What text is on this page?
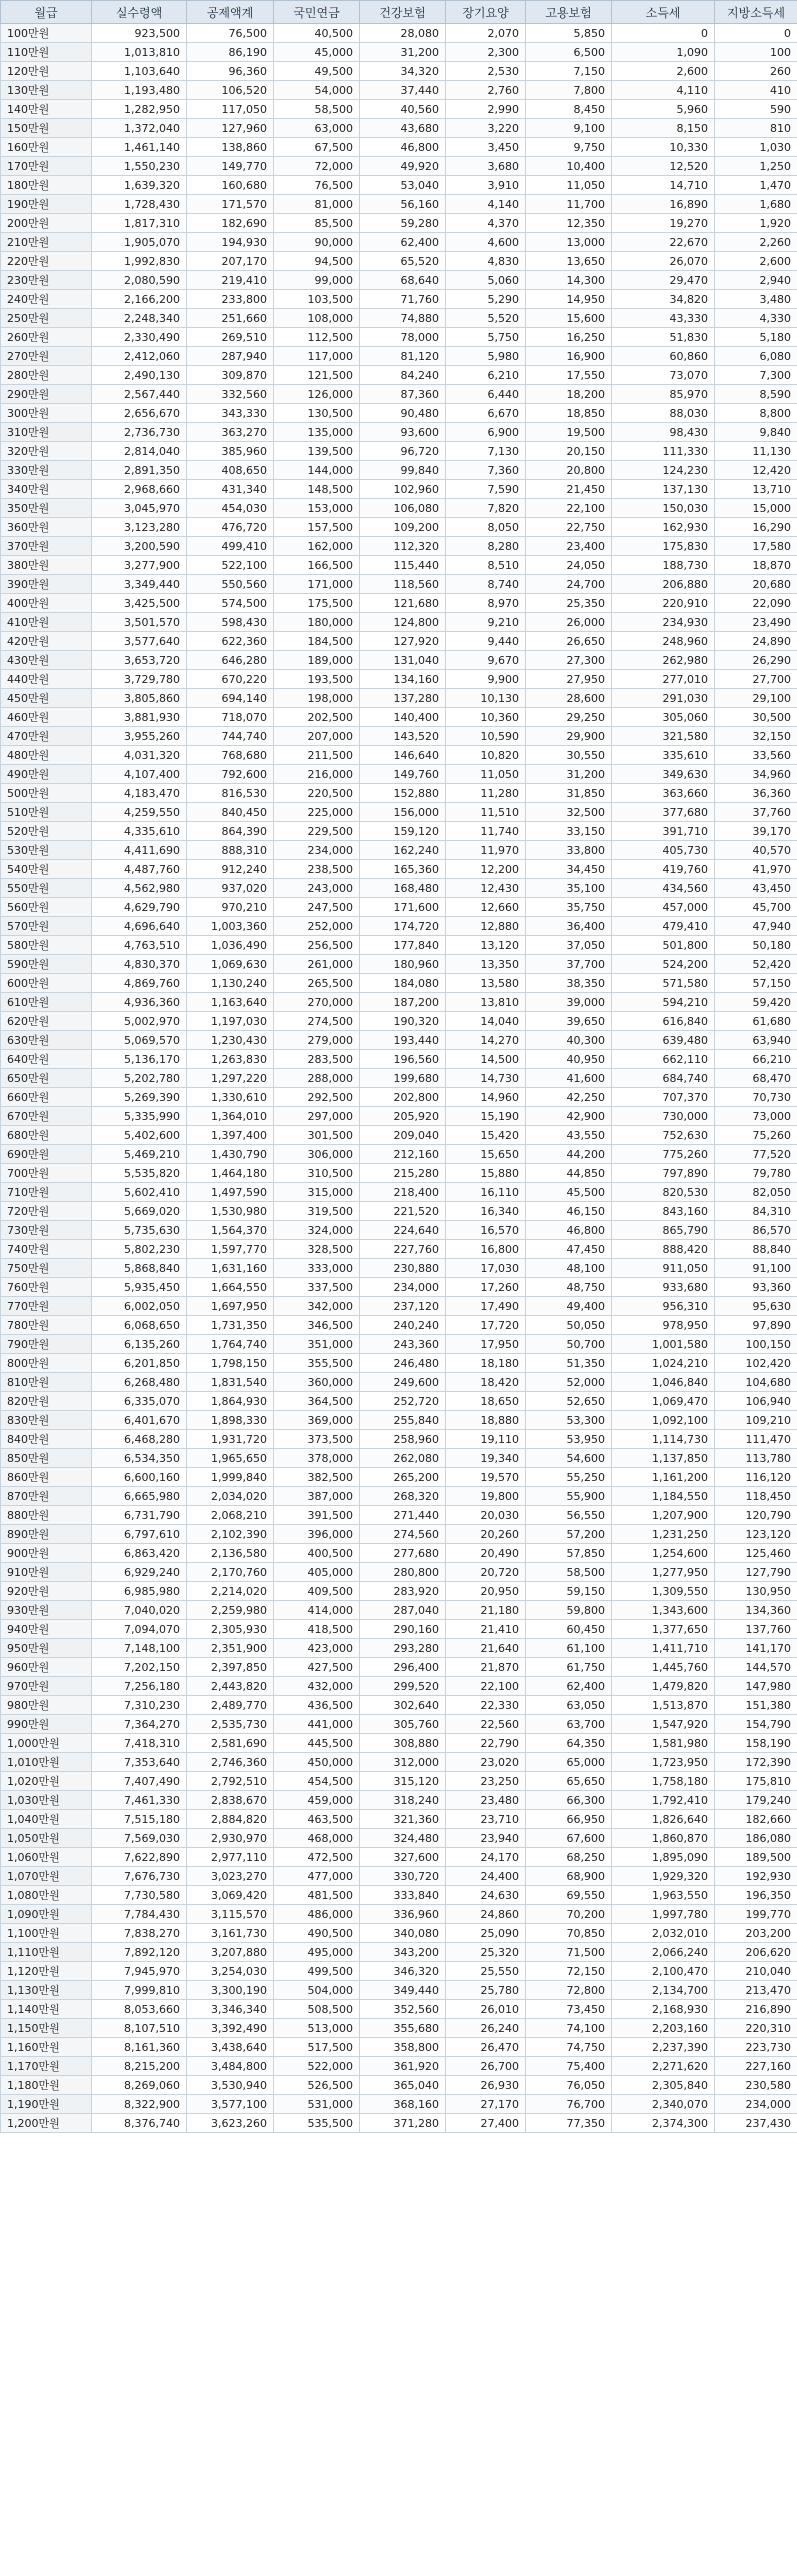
월급	실수령액	공제액계	국민연금	건강보험	장기요양	고용보험	소득세	지방소득세
100만원	923,500	76,500	40,500	28,080	2,070	5,850	0	0
110만원	1,013,810	86,190	45,000	31,200	2,300	6,500	1,090	100
120만원	1,103,640	96,360	49,500	34,320	2,530	7,150	2,600	260
130만원	1,193,480	106,520	54,000	37,440	2,760	7,800	4,110	410
140만원	1,282,950	117,050	58,500	40,560	2,990	8,450	5,960	590
150만원	1,372,040	127,960	63,000	43,680	3,220	9,100	8,150	810
160만원	1,461,140	138,860	67,500	46,800	3,450	9,750	10,330	1,030
170만원	1,550,230	149,770	72,000	49,920	3,680	10,400	12,520	1,250
180만원	1,639,320	160,680	76,500	53,040	3,910	11,050	14,710	1,470
190만원	1,728,430	171,570	81,000	56,160	4,140	11,700	16,890	1,680
200만원	1,817,310	182,690	85,500	59,280	4,370	12,350	19,270	1,920
210만원	1,905,070	194,930	90,000	62,400	4,600	13,000	22,670	2,260
220만원	1,992,830	207,170	94,500	65,520	4,830	13,650	26,070	2,600
230만원	2,080,590	219,410	99,000	68,640	5,060	14,300	29,470	2,940
240만원	2,166,200	233,800	103,500	71,760	5,290	14,950	34,820	3,480
250만원	2,248,340	251,660	108,000	74,880	5,520	15,600	43,330	4,330
260만원	2,330,490	269,510	112,500	78,000	5,750	16,250	51,830	5,180
270만원	2,412,060	287,940	117,000	81,120	5,980	16,900	60,860	6,080
280만원	2,490,130	309,870	121,500	84,240	6,210	17,550	73,070	7,300
290만원	2,567,440	332,560	126,000	87,360	6,440	18,200	85,970	8,590
300만원	2,656,670	343,330	130,500	90,480	6,670	18,850	88,030	8,800
310만원	2,736,730	363,270	135,000	93,600	6,900	19,500	98,430	9,840
320만원	2,814,040	385,960	139,500	96,720	7,130	20,150	111,330	11,130
330만원	2,891,350	408,650	144,000	99,840	7,360	20,800	124,230	12,420
340만원	2,968,660	431,340	148,500	102,960	7,590	21,450	137,130	13,710
350만원	3,045,970	454,030	153,000	106,080	7,820	22,100	150,030	15,000
360만원	3,123,280	476,720	157,500	109,200	8,050	22,750	162,930	16,290
370만원	3,200,590	499,410	162,000	112,320	8,280	23,400	175,830	17,580
380만원	3,277,900	522,100	166,500	115,440	8,510	24,050	188,730	18,870
390만원	3,349,440	550,560	171,000	118,560	8,740	24,700	206,880	20,680
400만원	3,425,500	574,500	175,500	121,680	8,970	25,350	220,910	22,090
410만원	3,501,570	598,430	180,000	124,800	9,210	26,000	234,930	23,490
420만원	3,577,640	622,360	184,500	127,920	9,440	26,650	248,960	24,890
430만원	3,653,720	646,280	189,000	131,040	9,670	27,300	262,980	26,290
440만원	3,729,780	670,220	193,500	134,160	9,900	27,950	277,010	27,700
450만원	3,805,860	694,140	198,000	137,280	10,130	28,600	291,030	29,100
460만원	3,881,930	718,070	202,500	140,400	10,360	29,250	305,060	30,500
470만원	3,955,260	744,740	207,000	143,520	10,590	29,900	321,580	32,150
480만원	4,031,320	768,680	211,500	146,640	10,820	30,550	335,610	33,560
490만원	4,107,400	792,600	216,000	149,760	11,050	31,200	349,630	34,960
500만원	4,183,470	816,530	220,500	152,880	11,280	31,850	363,660	36,360
510만원	4,259,550	840,450	225,000	156,000	11,510	32,500	377,680	37,760
520만원	4,335,610	864,390	229,500	159,120	11,740	33,150	391,710	39,170
530만원	4,411,690	888,310	234,000	162,240	11,970	33,800	405,730	40,570
540만원	4,487,760	912,240	238,500	165,360	12,200	34,450	419,760	41,970
550만원	4,562,980	937,020	243,000	168,480	12,430	35,100	434,560	43,450
560만원	4,629,790	970,210	247,500	171,600	12,660	35,750	457,000	45,700
570만원	4,696,640	1,003,360	252,000	174,720	12,880	36,400	479,410	47,940
580만원	4,763,510	1,036,490	256,500	177,840	13,120	37,050	501,800	50,180
590만원	4,830,370	1,069,630	261,000	180,960	13,350	37,700	524,200	52,420
600만원	4,869,760	1,130,240	265,500	184,080	13,580	38,350	571,580	57,150
610만원	4,936,360	1,163,640	270,000	187,200	13,810	39,000	594,210	59,420
620만원	5,002,970	1,197,030	274,500	190,320	14,040	39,650	616,840	61,680
630만원	5,069,570	1,230,430	279,000	193,440	14,270	40,300	639,480	63,940
640만원	5,136,170	1,263,830	283,500	196,560	14,500	40,950	662,110	66,210
650만원	5,202,780	1,297,220	288,000	199,680	14,730	41,600	684,740	68,470
660만원	5,269,390	1,330,610	292,500	202,800	14,960	42,250	707,370	70,730
670만원	5,335,990	1,364,010	297,000	205,920	15,190	42,900	730,000	73,000
680만원	5,402,600	1,397,400	301,500	209,040	15,420	43,550	752,630	75,260
690만원	5,469,210	1,430,790	306,000	212,160	15,650	44,200	775,260	77,520
700만원	5,535,820	1,464,180	310,500	215,280	15,880	44,850	797,890	79,780
710만원	5,602,410	1,497,590	315,000	218,400	16,110	45,500	820,530	82,050
720만원	5,669,020	1,530,980	319,500	221,520	16,340	46,150	843,160	84,310
730만원	5,735,630	1,564,370	324,000	224,640	16,570	46,800	865,790	86,570
740만원	5,802,230	1,597,770	328,500	227,760	16,800	47,450	888,420	88,840
750만원	5,868,840	1,631,160	333,000	230,880	17,030	48,100	911,050	91,100
760만원	5,935,450	1,664,550	337,500	234,000	17,260	48,750	933,680	93,360
770만원	6,002,050	1,697,950	342,000	237,120	17,490	49,400	956,310	95,630
780만원	6,068,650	1,731,350	346,500	240,240	17,720	50,050	978,950	97,890
790만원	6,135,260	1,764,740	351,000	243,360	17,950	50,700	1,001,580	100,150
800만원	6,201,850	1,798,150	355,500	246,480	18,180	51,350	1,024,210	102,420
810만원	6,268,480	1,831,540	360,000	249,600	18,420	52,000	1,046,840	104,680
820만원	6,335,070	1,864,930	364,500	252,720	18,650	52,650	1,069,470	106,940
830만원	6,401,670	1,898,330	369,000	255,840	18,880	53,300	1,092,100	109,210
840만원	6,468,280	1,931,720	373,500	258,960	19,110	53,950	1,114,730	111,470
850만원	6,534,350	1,965,650	378,000	262,080	19,340	54,600	1,137,850	113,780
860만원	6,600,160	1,999,840	382,500	265,200	19,570	55,250	1,161,200	116,120
870만원	6,665,980	2,034,020	387,000	268,320	19,800	55,900	1,184,550	118,450
880만원	6,731,790	2,068,210	391,500	271,440	20,030	56,550	1,207,900	120,790
890만원	6,797,610	2,102,390	396,000	274,560	20,260	57,200	1,231,250	123,120
900만원	6,863,420	2,136,580	400,500	277,680	20,490	57,850	1,254,600	125,460
910만원	6,929,240	2,170,760	405,000	280,800	20,720	58,500	1,277,950	127,790
920만원	6,985,980	2,214,020	409,500	283,920	20,950	59,150	1,309,550	130,950
930만원	7,040,020	2,259,980	414,000	287,040	21,180	59,800	1,343,600	134,360
940만원	7,094,070	2,305,930	418,500	290,160	21,410	60,450	1,377,650	137,760
950만원	7,148,100	2,351,900	423,000	293,280	21,640	61,100	1,411,710	141,170
960만원	7,202,150	2,397,850	427,500	296,400	21,870	61,750	1,445,760	144,570
970만원	7,256,180	2,443,820	432,000	299,520	22,100	62,400	1,479,820	147,980
980만원	7,310,230	2,489,770	436,500	302,640	22,330	63,050	1,513,870	151,380
990만원	7,364,270	2,535,730	441,000	305,760	22,560	63,700	1,547,920	154,790
1,000만원	7,418,310	2,581,690	445,500	308,880	22,790	64,350	1,581,980	158,190
1,010만원	7,353,640	2,746,360	450,000	312,000	23,020	65,000	1,723,950	172,390
1,020만원	7,407,490	2,792,510	454,500	315,120	23,250	65,650	1,758,180	175,810
1,030만원	7,461,330	2,838,670	459,000	318,240	23,480	66,300	1,792,410	179,240
1,040만원	7,515,180	2,884,820	463,500	321,360	23,710	66,950	1,826,640	182,660
1,050만원	7,569,030	2,930,970	468,000	324,480	23,940	67,600	1,860,870	186,080
1,060만원	7,622,890	2,977,110	472,500	327,600	24,170	68,250	1,895,090	189,500
1,070만원	7,676,730	3,023,270	477,000	330,720	24,400	68,900	1,929,320	192,930
1,080만원	7,730,580	3,069,420	481,500	333,840	24,630	69,550	1,963,550	196,350
1,090만원	7,784,430	3,115,570	486,000	336,960	24,860	70,200	1,997,780	199,770
1,100만원	7,838,270	3,161,730	490,500	340,080	25,090	70,850	2,032,010	203,200
1,110만원	7,892,120	3,207,880	495,000	343,200	25,320	71,500	2,066,240	206,620
1,120만원	7,945,970	3,254,030	499,500	346,320	25,550	72,150	2,100,470	210,040
1,130만원	7,999,810	3,300,190	504,000	349,440	25,780	72,800	2,134,700	213,470
1,140만원	8,053,660	3,346,340	508,500	352,560	26,010	73,450	2,168,930	216,890
1,150만원	8,107,510	3,392,490	513,000	355,680	26,240	74,100	2,203,160	220,310
1,160만원	8,161,360	3,438,640	517,500	358,800	26,470	74,750	2,237,390	223,730
1,170만원	8,215,200	3,484,800	522,000	361,920	26,700	75,400	2,271,620	227,160
1,180만원	8,269,060	3,530,940	526,500	365,040	26,930	76,050	2,305,840	230,580
1,190만원	8,322,900	3,577,100	531,000	368,160	27,170	76,700	2,340,070	234,000
1,200만원	8,376,740	3,623,260	535,500	371,280	27,400	77,350	2,374,300	237,430
